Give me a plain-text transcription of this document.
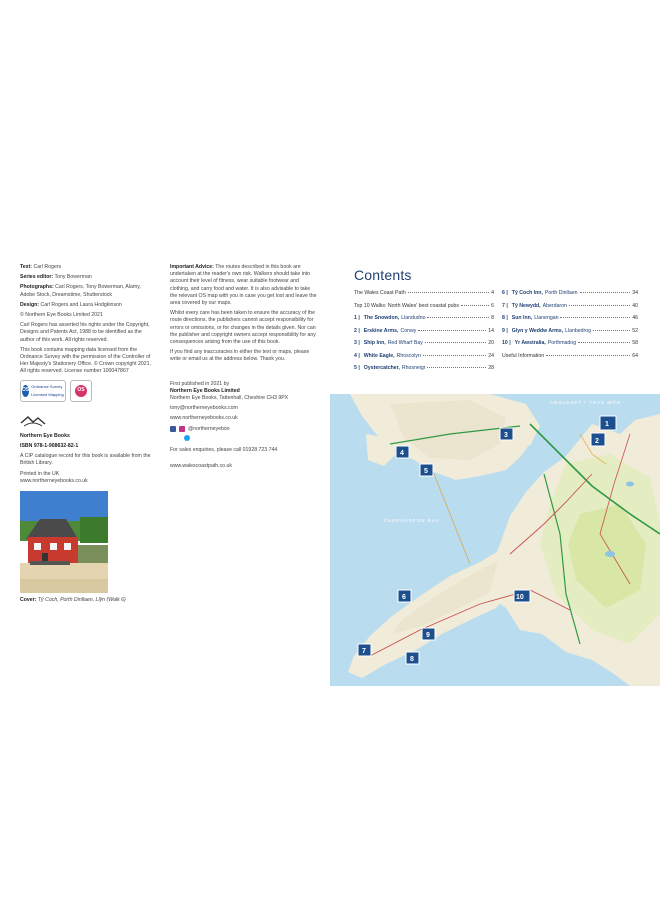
Text: Carl Rogers

Series editor: Tony Bowerman

Photographs: Carl Rogers, Tony Bowerman, Alamy, Adobe Stock, Dreamstime, Shutterstock

Design: Carl Rogers and Laura Hodgkinson

© Northern Eye Books Limited 2021

Carl Rogers has asserted his rights under the Copyright, Designs and Patents Act, 1988 to be identified as the author of this work. All rights reserved.

This book contains mapping data licensed from the Ordnance Survey with the permission of the Controller of Her Majesty's Stationery Office. © Crown copyright 2021. All rights reserved. License number 100047867

OS
Ordnance Survey Licensed Mapping
OS

Northern Eye Books

ISBN 978-1-908632-82-1

A CIP catalogue record for this book is available from the British Library.

Printed in the UK

www.northerneyebooks.co.uk

Cover: Tŷ Coch, Porth Dinllaen, Llŷn (Walk 6)

Important Advice: The routes described in this book are undertaken at the reader's own risk. Walkers should take into account their level of fitness, wear suitable footwear and clothing, and carry food and water. It is also advisable to take the relevant OS map with you in case you get lost and leave the area covered by our maps.

Whilst every care has been taken to ensure the accuracy of the route directions, the publishers cannot accept responsibility for errors or omissions, or for changes in the details given. Nor can the publisher and copyright owners accept responsibility for any consequences arising from the use of this book.

If you find any inaccuracies in either the text or maps, please write or email us at the address below. Thank you.

First published in 2021 by

Northern Eye Books Limited

Northern Eye Books, Tattenhall, Cheshire CH3 9PX

tony@northerneyebooks.com

www.northerneyebooks.co.uk

@northerneyeboo

For sales enquiries, please call 01928 723 744

www.walescoastpath.co.uk

Contents
The Wales Coast Path	4
Top 10 Walks: North Wales' best coastal pubs	6
1 | The Snowdon, Llandudno	8
2 | Erskine Arms, Conwy	14
3 | Ship Inn, Red Wharf Bay	20
4 | White Eagle, Rhoscolyn	24
5 | Oystercatcher, Rhosneigr	28
6 | Tŷ Coch Inn, Porth Dinllaen	34
7 | Tŷ Newydd, Aberdaron	40
8 | Sun Inn, Llanengan	46
9 | Glyn y Weddw Arms, Llanbedrog	52
10 | Yr Awstralia, Porthmadog	58
Useful Information	64
ANGLESEY / YNYS MÔN
CAERNARFON BAY
1
2
3
4
5
6
7
8
9
10
